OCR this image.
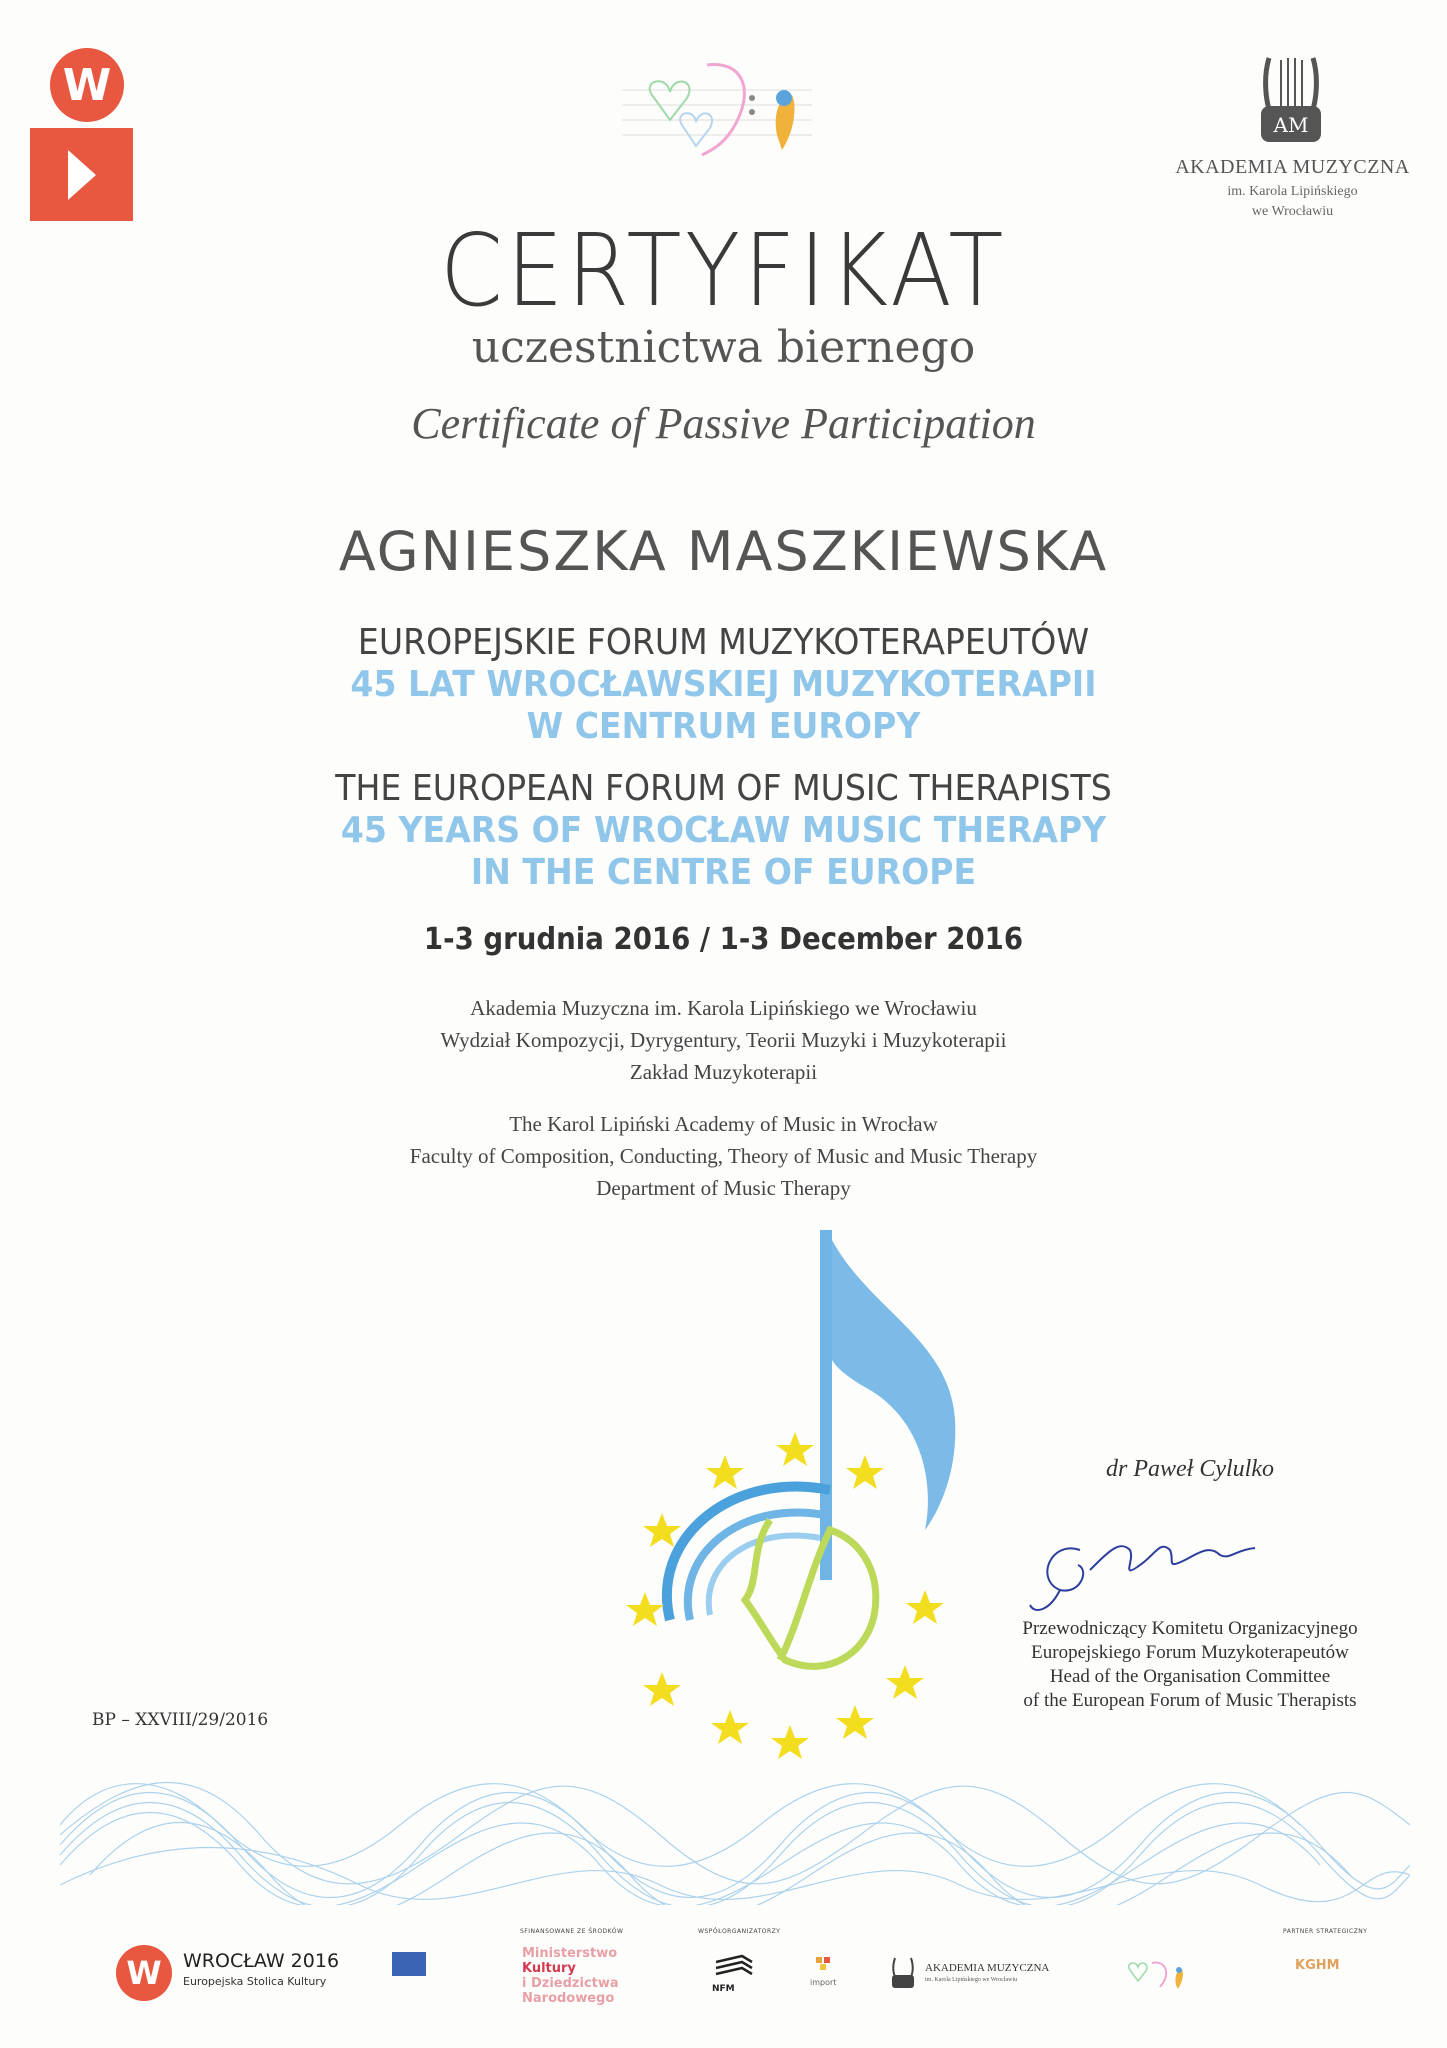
W
AM
AKADEMIA MUZYCZNA
im. Karola Lipińskiego
we Wrocławiu
CERTYFIKAT
uczestnictwa biernego
Certificate of Passive Participation
AGNIESZKA MASZKIEWSKA
EUROPEJSKIE FORUM MUZYKOTERAPEUTÓW
45 LAT WROCŁAWSKIEJ MUZYKOTERAPII
W CENTRUM EUROPY
THE EUROPEAN FORUM OF MUSIC THERAPISTS
45 YEARS OF WROCŁAW MUSIC THERAPY
IN THE CENTRE OF EUROPE
1-3 grudnia 2016 / 1-3 December 2016
Akademia Muzyczna im. Karola Lipińskiego we Wrocławiu
Wydział Kompozycji, Dyrygentury, Teorii Muzyki i Muzykoterapii
Zakład Muzykoterapii
The Karol Lipiński Academy of Music in Wrocław
Faculty of Composition, Conducting, Theory of Music and Music Therapy
Department of Music Therapy
dr Paweł Cylulko
Przewodniczący Komitetu Organizacyjnego
Europejskiego Forum Muzykoterapeutów
Head of the Organisation Committee
of the European Forum of Music Therapists
BP – XXVIII/29/2016
W	WROCŁAW 2016
Europejska Stolica Kultury
SFINANSOWANE ZE ŚRODKÓW	WSPÓŁORGANIZATORZY	PARTNER STRATEGICZNY
Ministerstwo
Kultury
i Dziedzictwa
Narodowego
NFM
import
AKADEMIA MUZYCZNA
im. Karola Lipińskiego we Wrocławiu
KGHM
